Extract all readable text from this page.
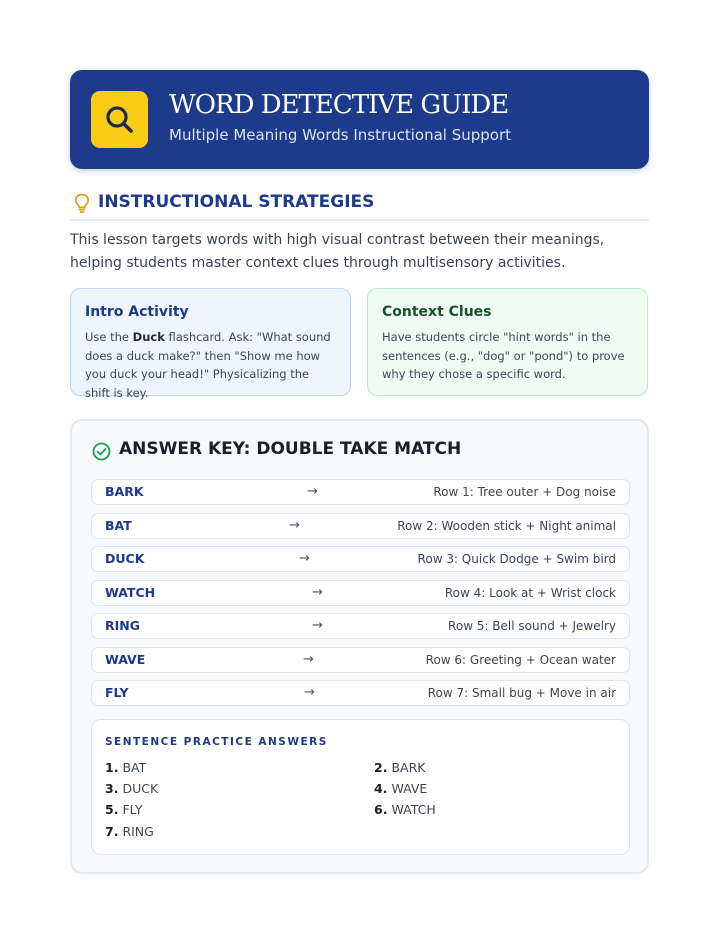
WORD DETECTIVE GUIDE
Multiple Meaning Words Instructional Support
INSTRUCTIONAL STRATEGIES
This lesson targets words with high visual contrast between their meanings, helping students master context clues through multisensory activities.
Intro Activity
Use the Duck flashcard. Ask: "What sound does a duck make?" then "Show me how you duck your head!" Physicalizing the shift is key.
Context Clues
Have students circle "hint words" in the sentences (e.g., "dog" or "pond") to prove why they chose a specific word.
ANSWER KEY: DOUBLE TAKE MATCH
BARK	→	Row 1: Tree outer + Dog noise
BAT	→	Row 2: Wooden stick + Night animal
DUCK	→	Row 3: Quick Dodge + Swim bird
WATCH	→	Row 4: Look at + Wrist clock
RING	→	Row 5: Bell sound + Jewelry
WAVE	→	Row 6: Greeting + Ocean water
FLY	→	Row 7: Small bug + Move in air
SENTENCE PRACTICE ANSWERS
1. BAT	2. BARK
3. DUCK	4. WAVE
5. FLY	6. WATCH
7. RING
